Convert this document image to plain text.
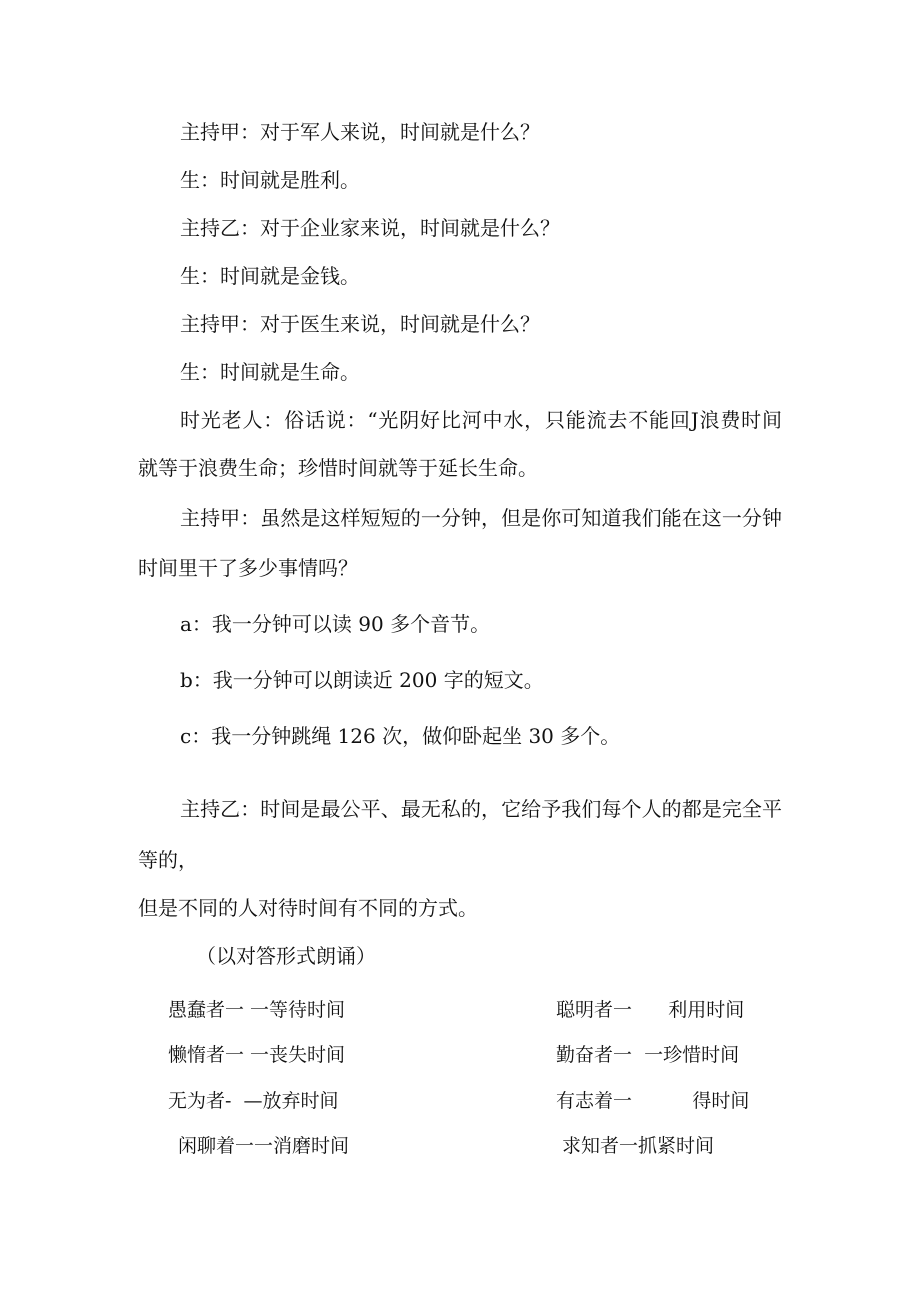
主持甲：对于军人来说，时间就是什么？

生：时间就是胜利。

主持乙：对于企业家来说，时间就是什么？

生：时间就是金钱。

主持甲：对于医生来说，时间就是什么？

生：时间就是生命。

时光老人：俗话说：“光阴好比河中水，只能流去不能回J浪费时间

就等于浪费生命；珍惜时间就等于延长生命。

主持甲：虽然是这样短短的一分钟，但是你可知道我们能在这一分钟

时间里干了多少事情吗？

a：我一分钟可以读 90 多个音节。

b：我一分钟可以朗读近 200 字的短文。

c：我一分钟跳绳 126 次，做仰卧起坐 30 多个。

主持乙：时间是最公平、最无私的，它给予我们每个人的都是完全平

等的，

但是不同的人对待时间有不同的方式。

（以对答形式朗诵）

愚蠢者一 一等待时间

懒惰者一 一丧失时间

无为者-  —放弃时间

闲聊着一一消磨时间

聪明者一      利用时间

勤奋者一  一珍惜时间

有志着一          得时间

求知者一抓紧时间
